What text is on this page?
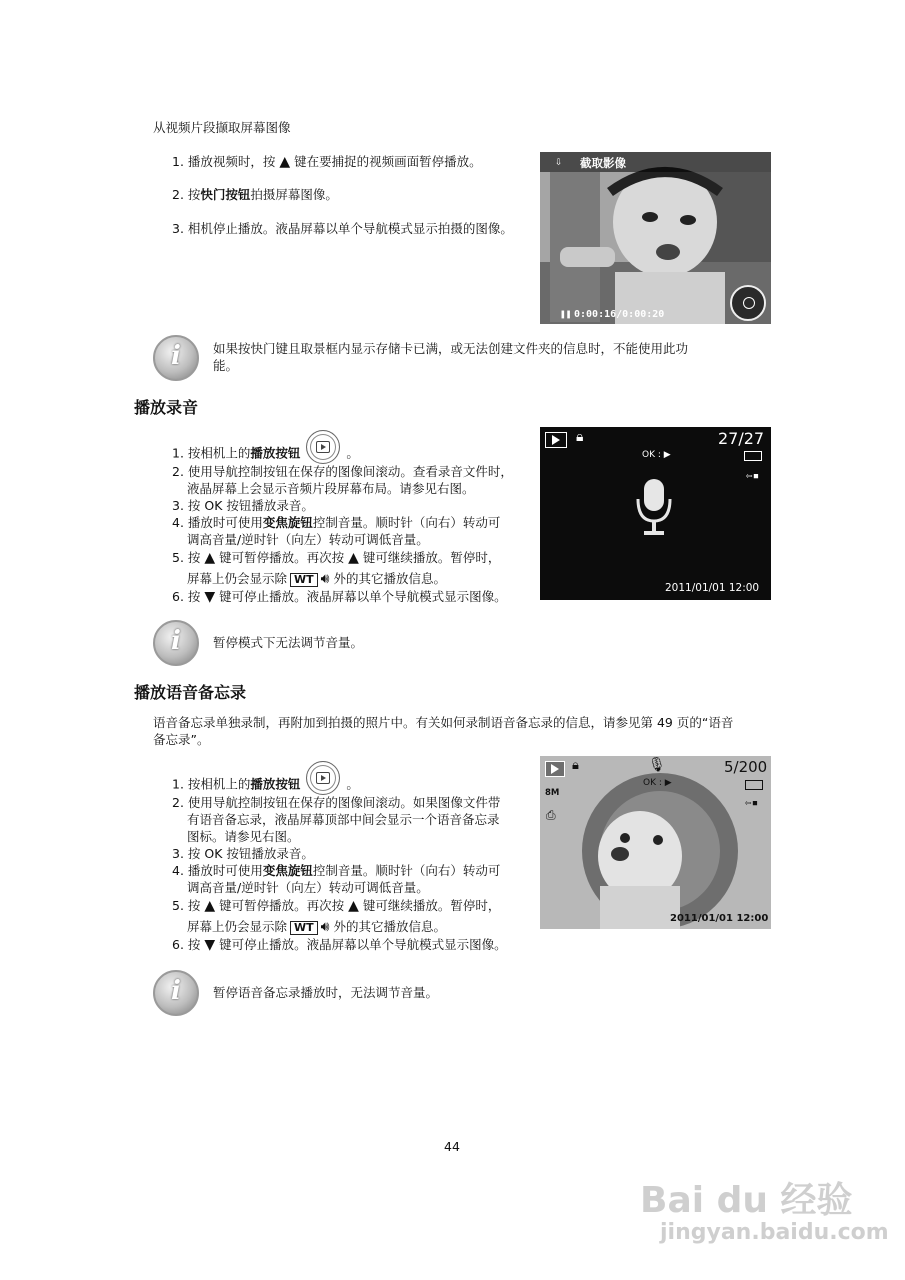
从视频片段撷取屏幕图像
1. 播放视频时，按 ▲ 键在要捕捉的视频画面暂停播放。
2. 按快门按钮拍摄屏幕图像。
3. 相机停止播放。液晶屏幕以单个导航模式显示拍摄的图像。
⇩ 截取影像
❚❚ 0:00:16/0:00:20
i	如果按快门键且取景框内显示存储卡已满，或无法创建文件夹的信息时，不能使用此功
能。
播放录音
1. 按相机上的播放按钮	。
2. 使用导航控制按钮在保存的图像间滚动。查看录音文件时，
液晶屏幕上会显示音频片段屏幕布局。请参见右图。
3. 按 OK 按钮播放录音。
4. 播放时可使用变焦旋钮控制音量。顺时针（向右）转动可
调高音量/逆时针（向左）转动可调低音量。
5. 按 ▲ 键可暂停播放。再次按 ▲ 键可继续播放。暂停时，
屏幕上仍会显示除 WT 🔊︎ 外的其它播放信息。
6. 按 ▼ 键可停止播放。液晶屏幕以单个导航模式显示图像。
🔒︎	27/27
OK : ▶
⇦▪
2011/01/01 12:00
i	暂停模式下无法调节音量。
播放语音备忘录
语音备忘录单独录制，再附加到拍摄的照片中。有关如何录制语音备忘录的信息，请参见第 49 页的“语音
备忘录”。
1. 按相机上的播放按钮	。
2. 使用导航控制按钮在保存的图像间滚动。如果图像文件带
有语音备忘录，液晶屏幕顶部中间会显示一个语音备忘录
图标。请参见右图。
3. 按 OK 按钮播放录音。
4. 播放时可使用变焦旋钮控制音量。顺时针（向右）转动可
调高音量/逆时针（向左）转动可调低音量。
5. 按 ▲ 键可暂停播放。再次按 ▲ 键可继续播放。暂停时，
屏幕上仍会显示除 WT 🔊︎ 外的其它播放信息。
6. 按 ▼ 键可停止播放。液晶屏幕以单个导航模式显示图像。
🔒︎	🎙︎
OK : ▶
5/200
⇦▪
8M
⎙
2011/01/01 12:00
i	暂停语音备忘录播放时，无法调节音量。
44
Bai du 经验
jingyan.baidu.com
